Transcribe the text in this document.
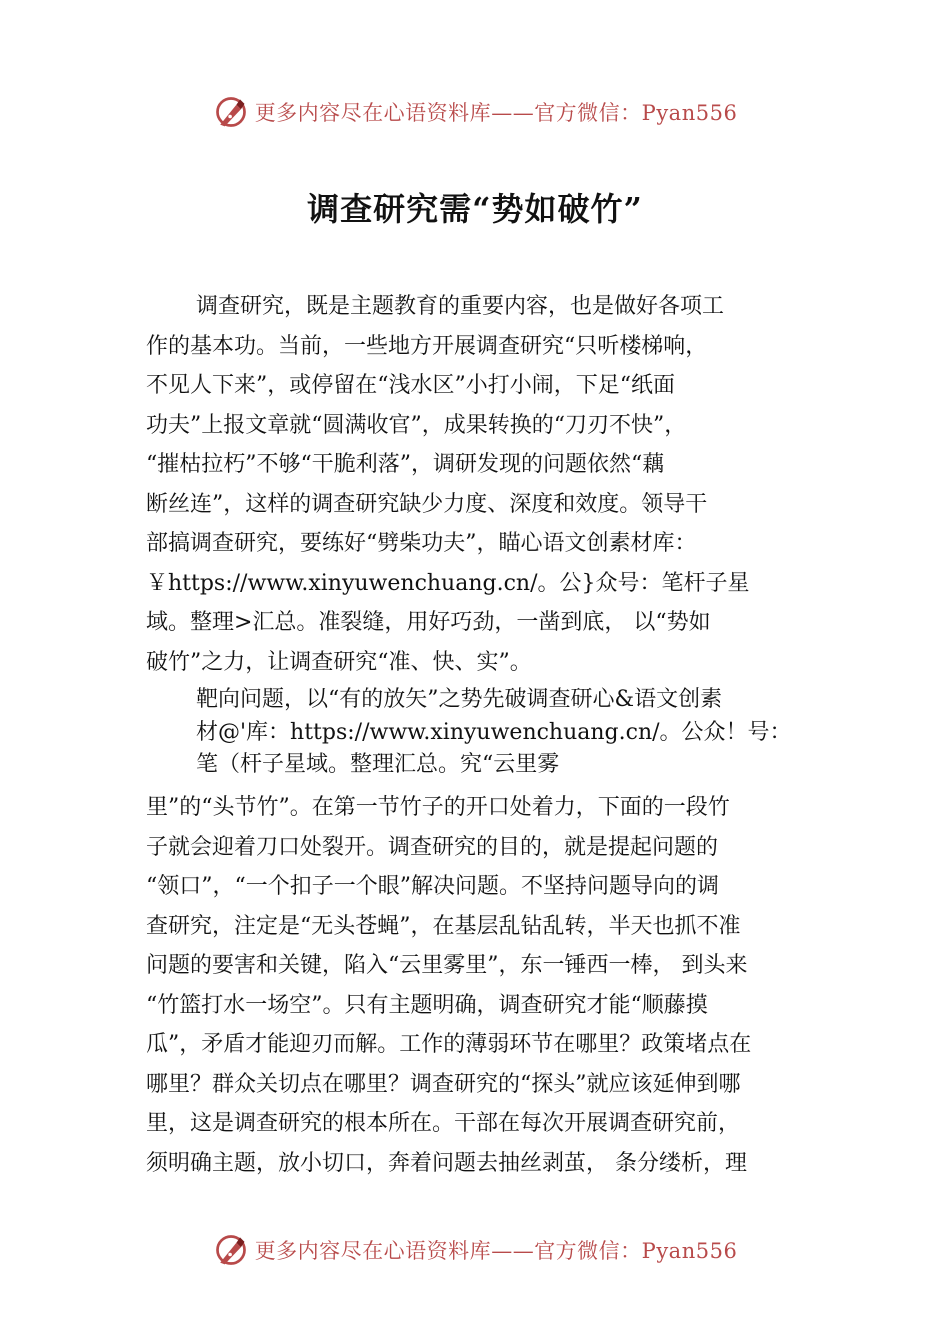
更多内容尽在心语资料库——官方微信：Pyan556
调查研究需“势如破竹”
调查研究，既是主题教育的重要内容，也是做好各项工
作的基本功。当前，一些地方开展调查研究“只听楼梯响，
不见人下来”，或停留在“浅水区”小打小闹，下足“纸面
功夫”上报文章就“圆满收官”，成果转换的“刀刃不快”，
“摧枯拉朽”不够“干脆利落”，调研发现的问题依然“藕
断丝连”，这样的调查研究缺少力度、深度和效度。领导干
部搞调查研究，要练好“劈柴功夫”，瞄心语文创素材库：
￥https://www.xinyuwenchuang.cn/。公}众号：笔杆子星
域。整理>汇总。准裂缝，用好巧劲，一凿到底， 以“势如
破竹”之力，让调查研究“准、快、实”。
靶向问题，以“有的放矢”之势先破调查研心&语文创素
材@'库：https://www.xinyuwenchuang.cn/。公众！号：
笔（杆子星域。整理汇总。究“云里雾
里”的“头节竹”。在第一节竹子的开口处着力，下面的一段竹
子就会迎着刀口处裂开。调查研究的目的，就是提起问题的
“领口”，“一个扣子一个眼”解决问题。不坚持问题导向的调
查研究，注定是“无头苍蝇”，在基层乱钻乱转，半天也抓不准
问题的要害和关键，陷入“云里雾里”，东一锤西一棒， 到头来
“竹篮打水一场空”。只有主题明确，调查研究才能“顺藤摸
瓜”，矛盾才能迎刃而解。工作的薄弱环节在哪里？政策堵点在
哪里？群众关切点在哪里？调查研究的“探头”就应该延伸到哪
里，这是调查研究的根本所在。干部在每次开展调查研究前，
须明确主题，放小切口，奔着问题去抽丝剥茧， 条分缕析，理
更多内容尽在心语资料库——官方微信：Pyan556
